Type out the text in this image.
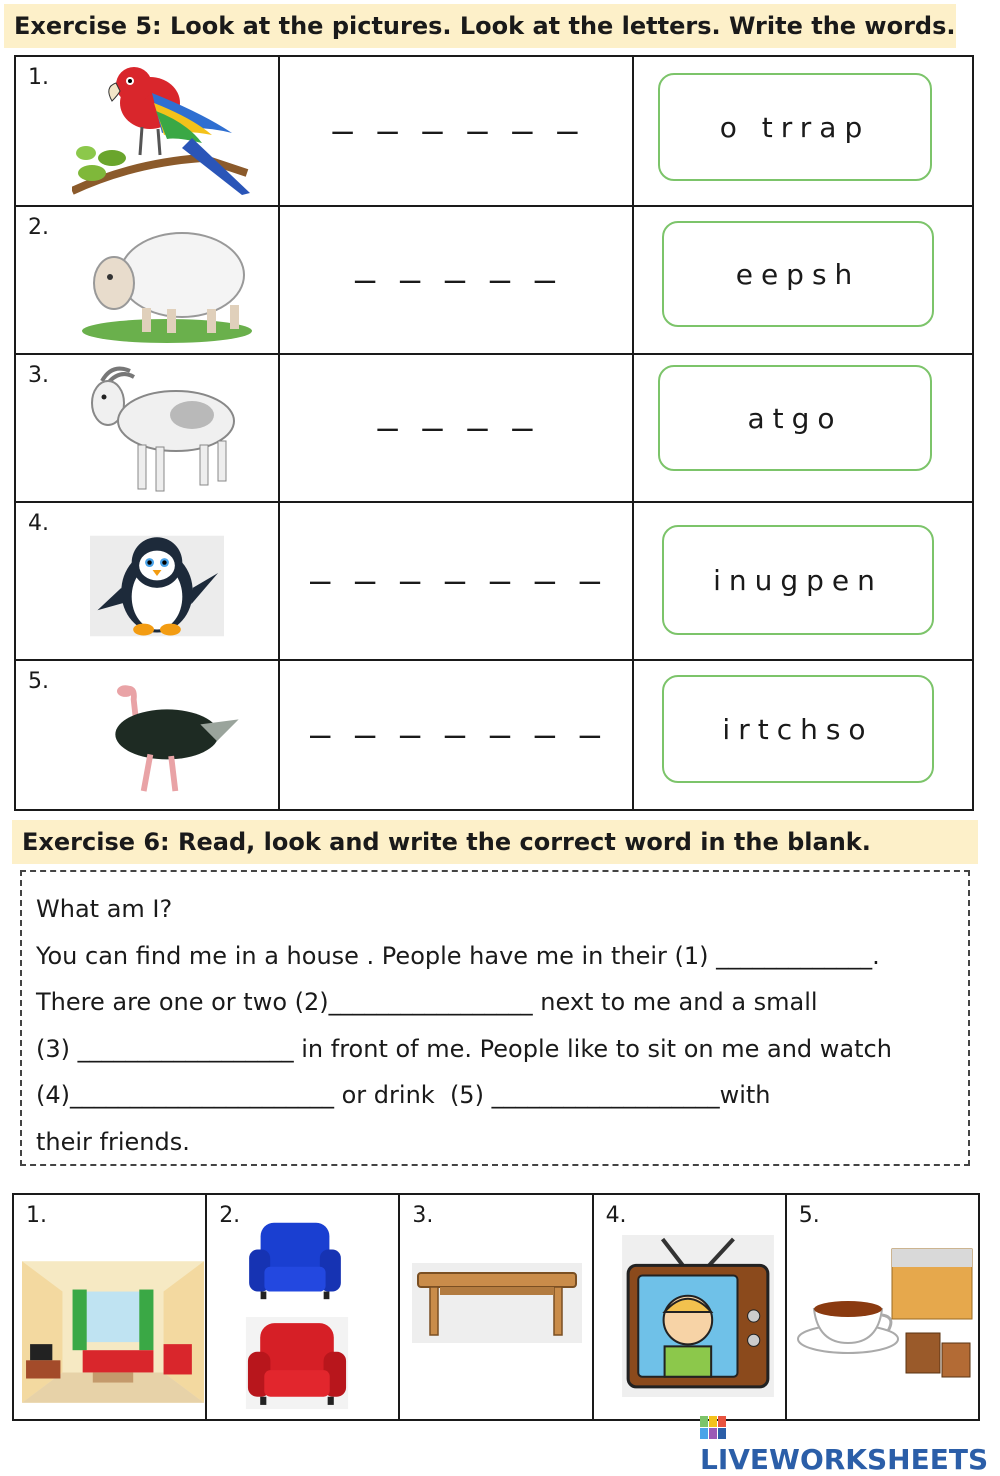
Exercise 5: Look at the pictures. Look at the letters. Write the words.
1.	– – – – – –	o trrap

2.	– – – – –	eepsh

3.	– – – –	atgo

4.	– – – – – – –	inugpen

5.	– – – – – – –	irtchso
Exercise 6: Read, look and write the correct word in the blank.

What am I?

You can find me in a house . People have me in their (1) _____________.

There are one or two (2)_________________ next to me and a small

(3) __________________ in front of me. People like to sit on me and watch

(4)______________________ or drink  (5) ___________________with

their friends.

1.	2.	3.	4.	5.
LIVEWORKSHEETS
